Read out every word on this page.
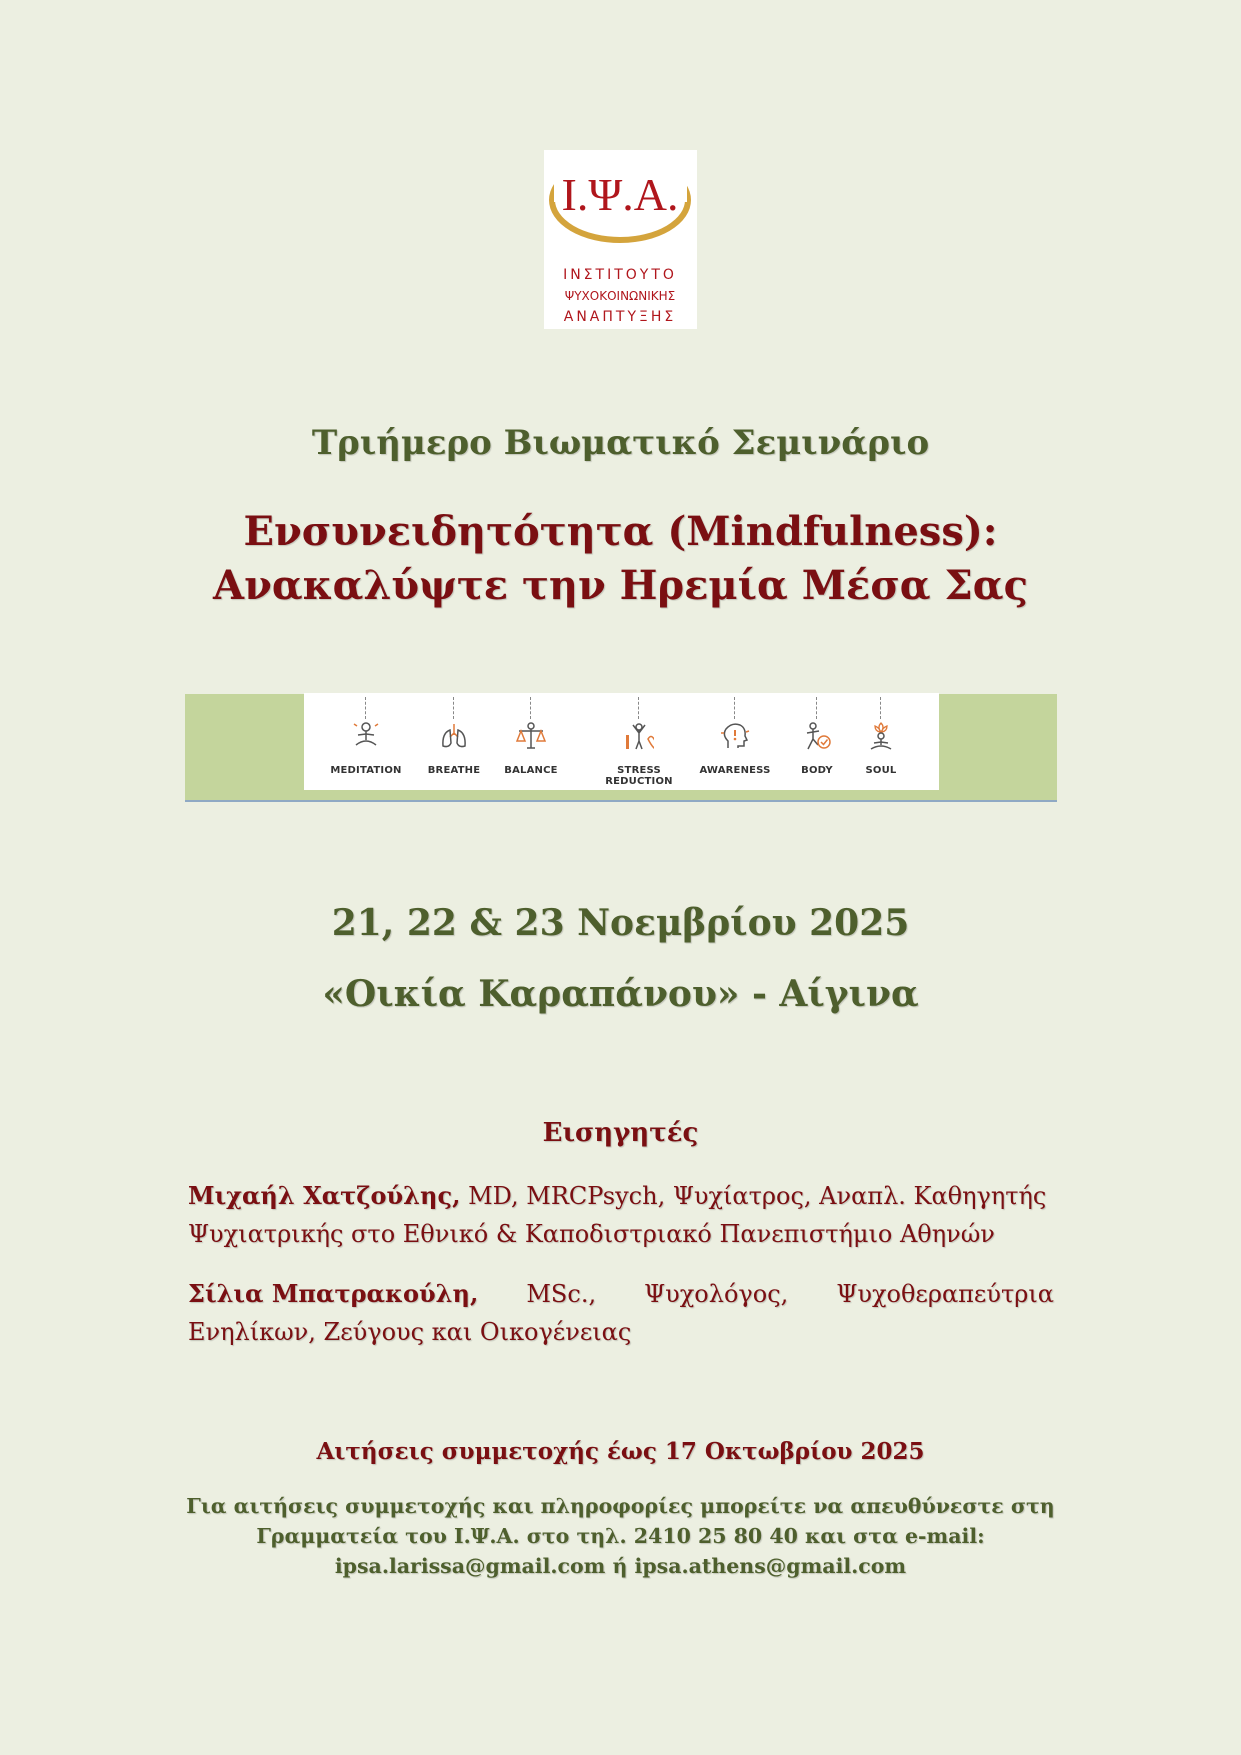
Ι.Ψ.Α.
ΙΝΣΤΙΤΟΥΤΟ
ΨΥΧΟΚΟΙΝΩΝΙΚΗΣ
ΑΝΑΠΤΥΞΗΣ
Τριήμερο Βιωματικό Σεμινάριο
Ενσυνειδητότητα (Mindfulness):
Ανακαλύψτε την Ηρεμία Μέσα Σας
MEDITATION	BREATHE	BALANCE	STRESS REDUCTION
AWARENESS	BODY	SOUL
21, 22 & 23 Νοεμβρίου 2025
«Οικία Καραπάνου» - Αίγινα
Εισηγητές
Μιχαήλ Χατζούλης, MD, MRCPsych, Ψυχίατρος, Αναπλ. Καθηγητής
Ψυχιατρικής στο Εθνικό & Καποδιστριακό Πανεπιστήμιο Αθηνών
Σίλια Μπατρακούλη, MSc., Ψυχολόγος, Ψυχοθεραπεύτρια
Ενηλίκων, Ζεύγους και Οικογένειας
Αιτήσεις συμμετοχής έως 17 Οκτωβρίου 2025
Για αιτήσεις συμμετοχής και πληροφορίες μπορείτε να απευθύνεστε στη
Γραμματεία του Ι.Ψ.Α. στο τηλ. 2410 25 80 40 και στα e-mail:
ipsa.larissa@gmail.com ή ipsa.athens@gmail.com
